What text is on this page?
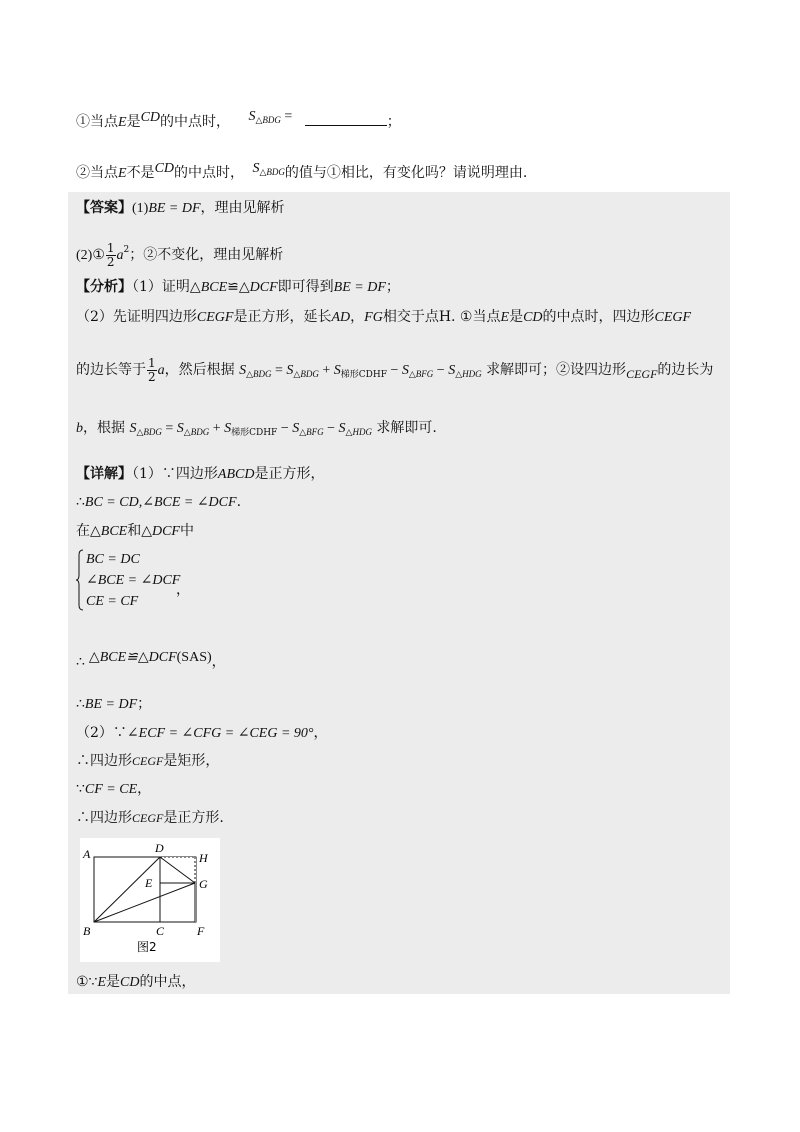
①当点E是CD的中点时， $S_{\triangle BDG}$ =	；
②当点E不是CD的中点时， $S_{\triangle BDG}$的值与①相比，有变化吗？请说明理由.
【答案】(1)BE = DF，理由见解析
(2)① $\frac{1}{2} a^2$；②不变化，理由见解析
【分析】（1）证明△BCE≌△DCF即可得到BE = DF；
（2）先证明四边形CEGF是正方形，延长AD，FG相交于点H. ①当点E是CD的中点时，四边形CEGF
的边长等于 $\frac{1}{2}$ a，然后根据 $S_{\triangle BDG} = S_{\triangle BDG} + S_{梯形CDHF} - S_{\triangle BFG} - S_{\triangle HDG}$ 求解即可；②设四边形CEGF的边长为
b，根据 $S_{\triangle BDG} = S_{\triangle BDG} + S_{梯形CDHF} - S_{\triangle BFG} - S_{\triangle HDG}$ 求解即可.
【详解】（1）∵四边形ABCD是正方形，
∴BC = CD,∠BCE = ∠DCF.
在△BCE和△DCF中
BC = DC
∠BCE = ∠DCF
CE = CF
，
∴ △BCE≌△DCF(SAS)，
∴BE = DF；
（2）∵∠ECF = ∠CFG = ∠CEG = 90°，
∴四边形CEGF是矩形，
∵CF = CE，
∴四边形CEGF是正方形.
A	D
H
E	G
B	C	F
图2
①∵E是CD的中点，
